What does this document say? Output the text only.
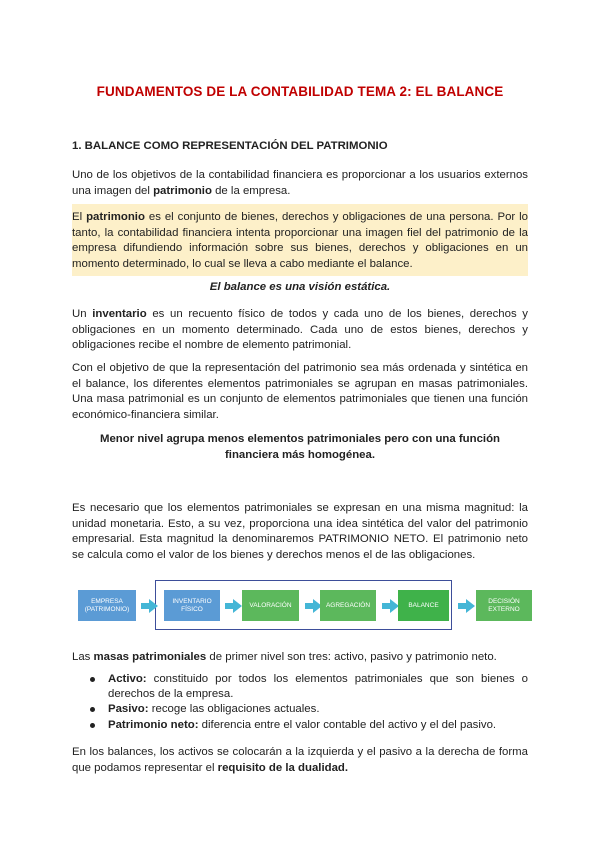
FUNDAMENTOS DE LA CONTABILIDAD TEMA 2: EL BALANCE
1. BALANCE COMO REPRESENTACIÓN DEL PATRIMONIO
Uno de los objetivos de la contabilidad financiera es proporcionar a los usuarios externos una imagen del patrimonio de la empresa.
El patrimonio es el conjunto de bienes, derechos y obligaciones de una persona. Por lo tanto, la contabilidad financiera intenta proporcionar una imagen fiel del patrimonio de la empresa difundiendo información sobre sus bienes, derechos y obligaciones en un momento determinado, lo cual se lleva a cabo mediante el balance.
El balance es una visión estática.
Un inventario es un recuento físico de todos y cada uno de los bienes, derechos y obligaciones en un momento determinado. Cada uno de estos bienes, derechos y obligaciones recibe el nombre de elemento patrimonial.
Con el objetivo de que la representación del patrimonio sea más ordenada y sintética en el balance, los diferentes elementos patrimoniales se agrupan en masas patrimoniales. Una masa patrimonial es un conjunto de elementos patrimoniales que tienen una función económico-financiera similar.
Menor nivel agrupa menos elementos patrimoniales pero con una función financiera más homogénea.
Es necesario que los elementos patrimoniales se expresan en una misma magnitud: la unidad monetaria. Esto, a su vez, proporciona una idea sintética del valor del patrimonio empresarial. Esta magnitud la denominaremos PATRIMONIO NETO. El patrimonio neto se calcula como el valor de los bienes y derechos menos el de las obligaciones.
EMPRESA (PATRIMONIO)
INVENTARIO FÍSICO
VALORACIÓN	AGREGACIÓN	BALANCE
DECISIÓN EXTERNO
Las masas patrimoniales de primer nivel son tres: activo, pasivo y patrimonio neto.
Activo: constituido por todos los elementos patrimoniales que son bienes o derechos de la empresa.
Pasivo: recoge las obligaciones actuales.
Patrimonio neto: diferencia entre el valor contable del activo y el del pasivo.
En los balances, los activos se colocarán a la izquierda y el pasivo a la derecha de forma que podamos representar el requisito de la dualidad.
